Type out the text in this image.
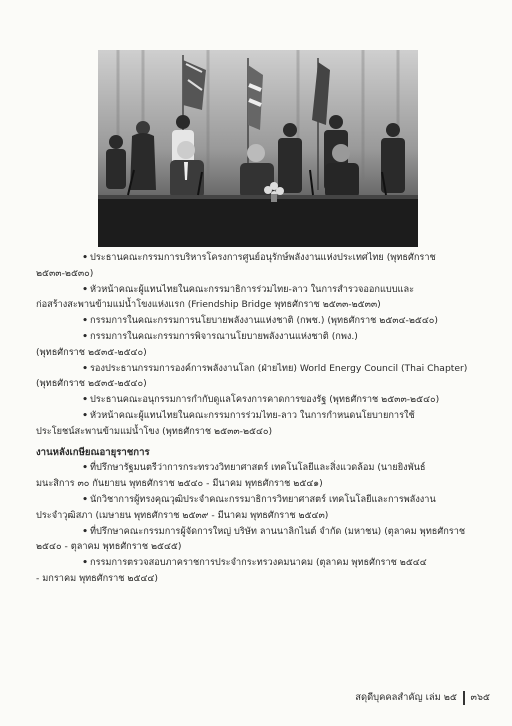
• ประธานคณะกรรมการบริหารโครงการศูนย์อนุรักษ์พลังงานแห่งประเทศไทย (พุทธศักราช
๒๕๓๓-๒๕๓๐)
• หัวหน้าคณะผู้แทนไทยในคณะกรรมาธิการร่วมไทย-ลาว ในการสำรวจออกแบบและ
ก่อสร้างสะพานข้ามแม่น้ำโขงแห่งแรก (Friendship Bridge พุทธศักราช ๒๕๓๓-๒๕๓๓)
• กรรมการในคณะกรรมการนโยบายพลังงานแห่งชาติ (กพช.) (พุทธศักราช ๒๕๓๔-๒๕๔๐)
• กรรมการในคณะกรรมการพิจารณานโยบายพลังงานแห่งชาติ (กพง.)
(พุทธศักราช ๒๕๓๕-๒๕๔๐)
• รองประธานกรรมการองค์การพลังงานโลก (ฝ่ายไทย) World Energy Council (Thai Chapter)
(พุทธศักราช ๒๕๓๕-๒๕๔๐)
• ประธานคณะอนุกรรมการกำกับดูแลโครงการคาดการของรัฐ (พุทธศักราช ๒๕๓๓-๒๕๔๐)
• หัวหน้าคณะผู้แทนไทยในคณะกรรมการร่วมไทย-ลาว ในการกำหนดนโยบายการใช้
ประโยชน์สะพานข้ามแม่น้ำโขง (พุทธศักราช ๒๕๓๓-๒๕๔๐)
งานหลังเกษียณอายุราชการ
• ที่ปรึกษารัฐมนตรีว่าการกระทรวงวิทยาศาสตร์ เทคโนโลยีและสิ่งแวดล้อม (นายยิงพันธ์
มนะสิการ ๓๐ กันยายน พุทธศักราช ๒๕๔๐ - มีนาคม พุทธศักราช ๒๕๔๑)
• นักวิชาการผู้ทรงคุณวุฒิประจำคณะกรรมาธิการวิทยาศาสตร์ เทคโนโลยีและการพลังงาน
ประจำวุฒิสภา (เมษายน พุทธศักราช ๒๕๓๙ - มีนาคม พุทธศักราช ๒๕๔๓)
• ที่ปรึกษาคณะกรรมการผู้จัดการใหญ่ บริษัท ลานนาลิกไนต์ จำกัด (มหาชน) (ตุลาคม พุทธศักราช
๒๕๔๐ - ตุลาคม พุทธศักราช ๒๕๔๕)
• กรรมการตรวจสอบภาคราชการประจำกระทรวงคมนาคม (ตุลาคม พุทธศักราช ๒๕๔๔
- มกราคม พุทธศักราช ๒๕๔๔)
สดุดีบุคคลสำคัญ เล่ม ๒๕ ๓๖๕
